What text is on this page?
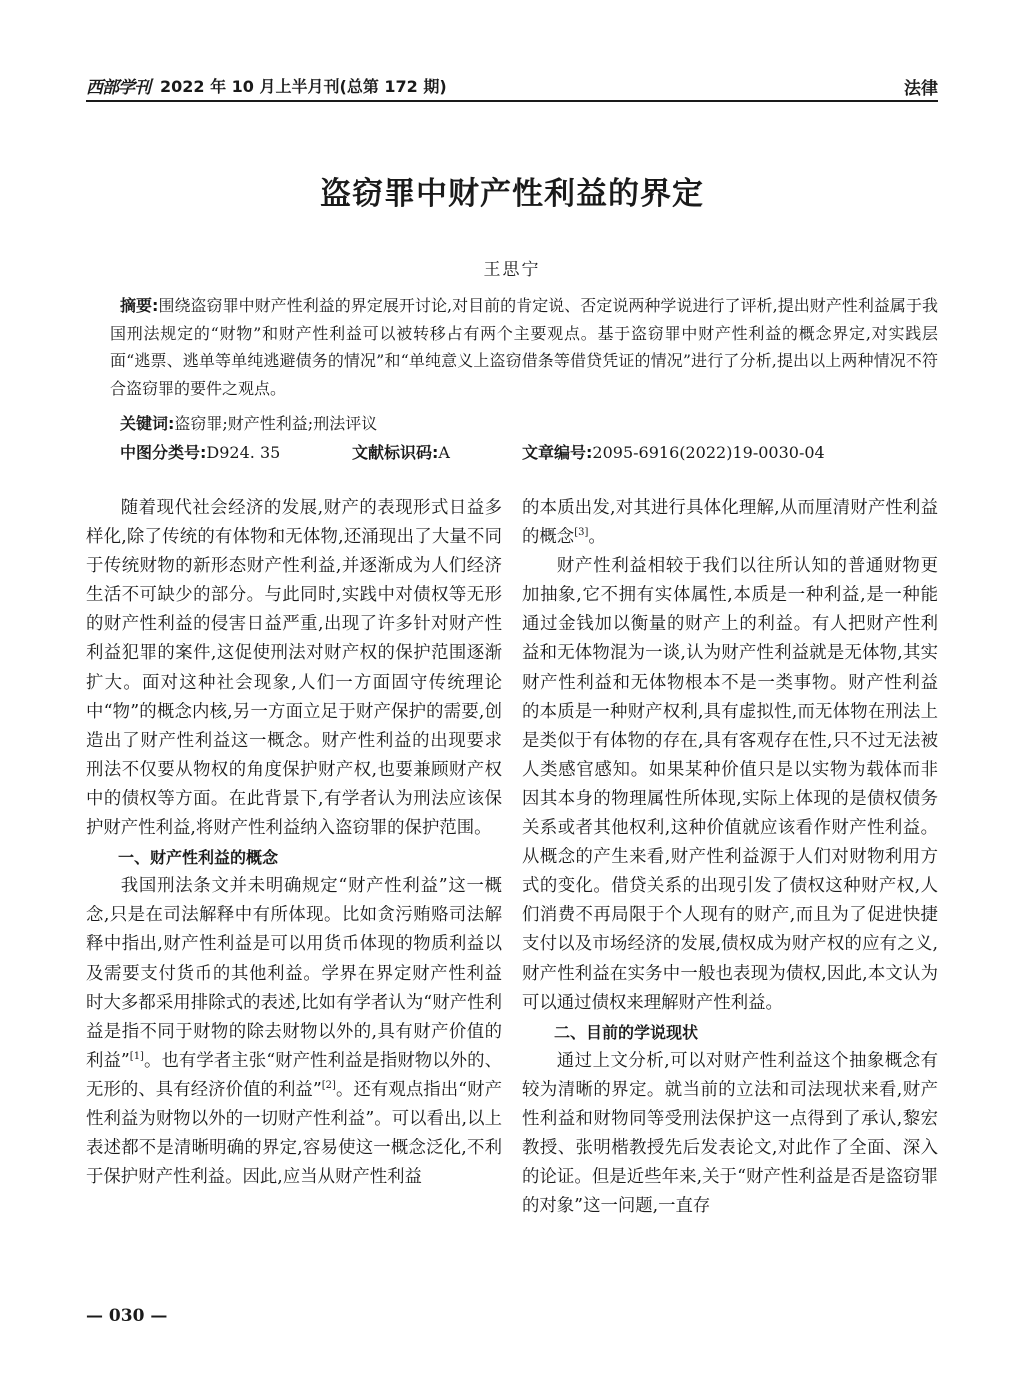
西部学刊 2022 年 10 月上半月刊(总第 172 期)	法律
盗窃罪中财产性利益的界定
王思宁
摘要:围绕盗窃罪中财产性利益的界定展开讨论,对目前的肯定说、否定说两种学说进行了评析,提出财产性利益属于我国刑法规定的“财物”和财产性利益可以被转移占有两个主要观点。基于盗窃罪中财产性利益的概念界定,对实践层面“逃票、逃单等单纯逃避债务的情况”和“单纯意义上盗窃借条等借贷凭证的情况”进行了分析,提出以上两种情况不符合盗窃罪的要件之观点。
关键词:盗窃罪;财产性利益;刑法评议
中图分类号:D924. 35	文献标识码:A	文章编号:2095-6916(2022)19-0030-04

随着现代社会经济的发展,财产的表现形式日益多样化,除了传统的有体物和无体物,还涌现出了大量不同于传统财物的新形态财产性利益,并逐渐成为人们经济生活不可缺少的部分。与此同时,实践中对债权等无形的财产性利益的侵害日益严重,出现了许多针对财产性利益犯罪的案件,这促使刑法对财产权的保护范围逐渐扩大。面对这种社会现象,人们一方面固守传统理论中“物”的概念内核,另一方面立足于财产保护的需要,创造出了财产性利益这一概念。财产性利益的出现要求刑法不仅要从物权的角度保护财产权,也要兼顾财产权中的债权等方面。在此背景下,有学者认为刑法应该保护财产性利益,将财产性利益纳入盗窃罪的保护范围。

一、财产性利益的概念

我国刑法条文并未明确规定“财产性利益”这一概念,只是在司法解释中有所体现。比如贪污贿赂司法解释中指出,财产性利益是可以用货币体现的物质利益以及需要支付货币的其他利益。学界在界定财产性利益时大多都采用排除式的表述,比如有学者认为“财产性利益是指不同于财物的除去财物以外的,具有财产价值的利益”[1]。也有学者主张“财产性利益是指财物以外的、无形的、具有经济价值的利益”[2]。还有观点指出“财产性利益为财物以外的一切财产性利益”。可以看出,以上表述都不是清晰明确的界定,容易使这一概念泛化,不利于保护财产性利益。因此,应当从财产性利益

的本质出发,对其进行具体化理解,从而厘清财产性利益的概念[3]。

财产性利益相较于我们以往所认知的普通财物更加抽象,它不拥有实体属性,本质是一种利益,是一种能通过金钱加以衡量的财产上的利益。有人把财产性利益和无体物混为一谈,认为财产性利益就是无体物,其实财产性利益和无体物根本不是一类事物。财产性利益的本质是一种财产权利,具有虚拟性,而无体物在刑法上是类似于有体物的存在,具有客观存在性,只不过无法被人类感官感知。如果某种价值只是以实物为载体而非因其本身的物理属性所体现,实际上体现的是债权债务关系或者其他权利,这种价值就应该看作财产性利益。从概念的产生来看,财产性利益源于人们对财物利用方式的变化。借贷关系的出现引发了债权这种财产权,人们消费不再局限于个人现有的财产,而且为了促进快捷支付以及市场经济的发展,债权成为财产权的应有之义,财产性利益在实务中一般也表现为债权,因此,本文认为可以通过债权来理解财产性利益。

二、目前的学说现状

通过上文分析,可以对财产性利益这个抽象概念有较为清晰的界定。就当前的立法和司法现状来看,财产性利益和财物同等受刑法保护这一点得到了承认,黎宏教授、张明楷教授先后发表论文,对此作了全面、深入的论证。但是近些年来,关于“财产性利益是否是盗窃罪的对象”这一问题,一直存

— 030 —
